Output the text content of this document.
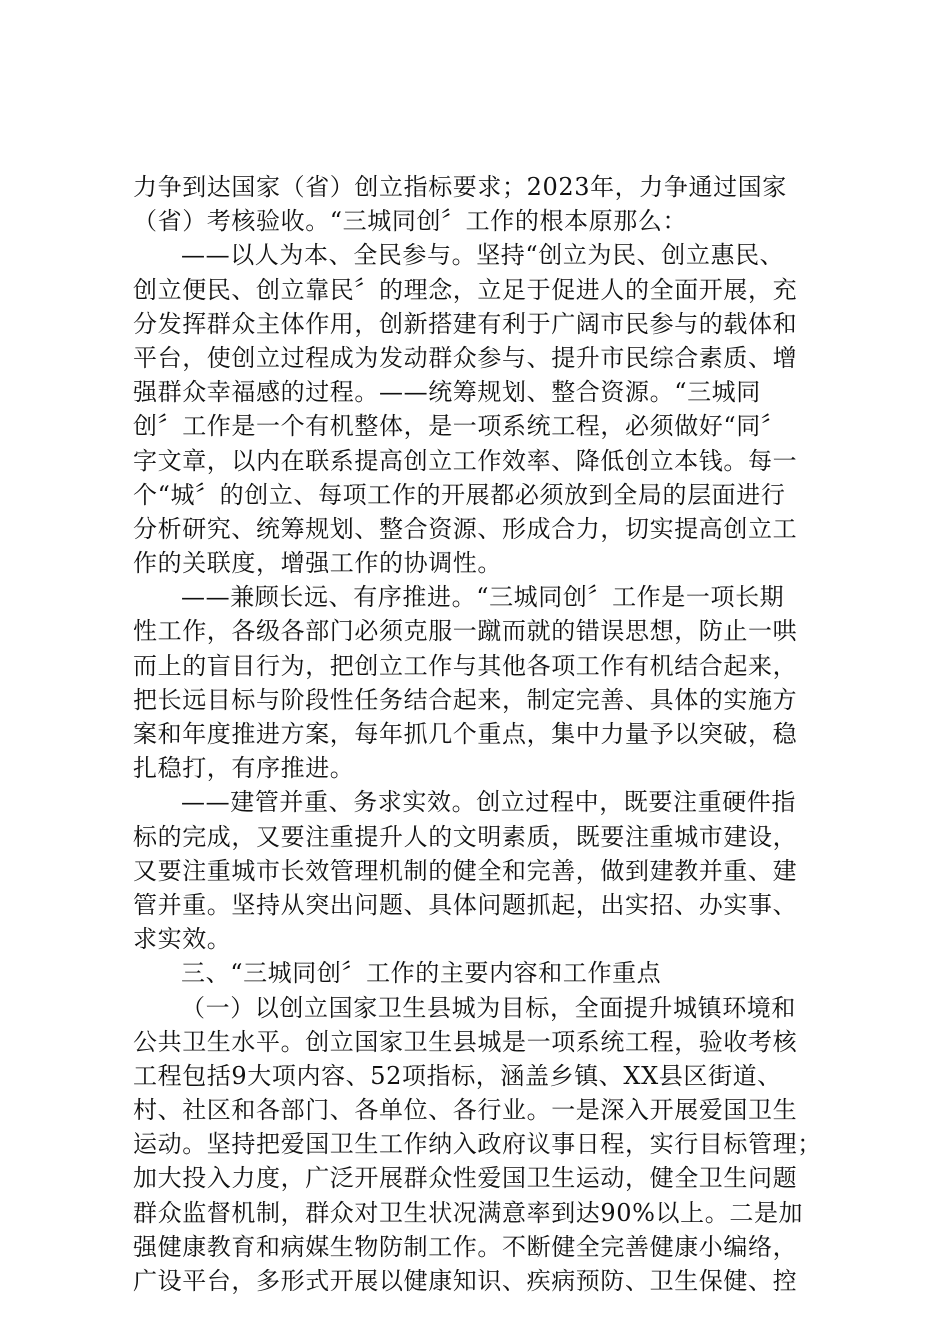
力争到达国家（省）创立指标要求；2023年，力争通过国家
（省）考核验收。“三城同创〞工作的根本原那么：
——以人为本、全民参与。坚持“创立为民、创立惠民、
创立便民、创立靠民〞的理念，立足于促进人的全面开展，充
分发挥群众主体作用，创新搭建有利于广阔市民参与的载体和
平台，使创立过程成为发动群众参与、提升市民综合素质、增
强群众幸福感的过程。——统筹规划、整合资源。“三城同
创〞工作是一个有机整体，是一项系统工程，必须做好“同〞
字文章，以内在联系提高创立工作效率、降低创立本钱。每一
个“城〞的创立、每项工作的开展都必须放到全局的层面进行
分析研究、统筹规划、整合资源、形成合力，切实提高创立工
作的关联度，增强工作的协调性。
——兼顾长远、有序推进。“三城同创〞工作是一项长期
性工作，各级各部门必须克服一蹴而就的错误思想，防止一哄
而上的盲目行为，把创立工作与其他各项工作有机结合起来，
把长远目标与阶段性任务结合起来，制定完善、具体的实施方
案和年度推进方案，每年抓几个重点，集中力量予以突破，稳
扎稳打，有序推进。
——建管并重、务求实效。创立过程中，既要注重硬件指
标的完成，又要注重提升人的文明素质，既要注重城市建设，
又要注重城市长效管理机制的健全和完善，做到建教并重、建
管并重。坚持从突出问题、具体问题抓起，出实招、办实事、
求实效。
三、“三城同创〞工作的主要内容和工作重点
（一）以创立国家卫生县城为目标，全面提升城镇环境和
公共卫生水平。创立国家卫生县城是一项系统工程，验收考核
工程包括9大项内容、52项指标，涵盖乡镇、XX县区街道、
村、社区和各部门、各单位、各行业。一是深入开展爱国卫生
运动。坚持把爱国卫生工作纳入政府议事日程，实行目标管理；
加大投入力度，广泛开展群众性爱国卫生运动，健全卫生问题
群众监督机制，群众对卫生状况满意率到达90%以上。二是加
强健康教育和病媒生物防制工作。不断健全完善健康小编络，
广设平台，多形式开展以健康知识、疾病预防、卫生保健、控
